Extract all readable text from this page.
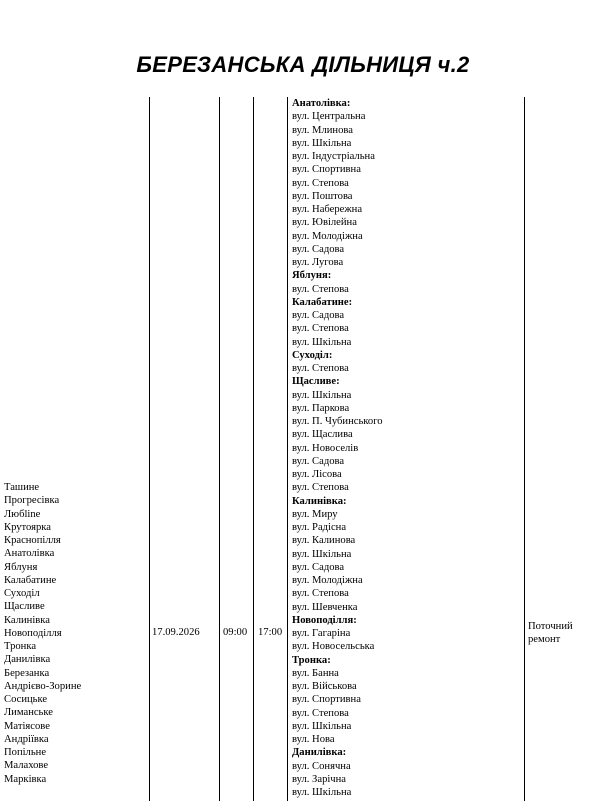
БЕРЕЗАНСЬКА ДІЛЬНИЦЯ ч.2
Ташине
Прогресівка
Любline
Крутоярка
Краснопілля
Анатолівка
Яблуня
Калабатине
Суходіл
Щасливе
Калинівка
Новоподілля
Тронка
Данилівка
Березанка
Андрієво-Зорине
Сосицьке
Лиманське
Матіясове
Андріївка
Попільне
Малахове
Марківка
17.09.2026 09:00 17:00
Анатолівка:
вул. Центральна
вул. Млинова
вул. Шкільна
вул. Індустріальна
вул. Спортивна
вул. Степова
вул. Поштова
вул. Набережна
вул. Ювілейна
вул. Молодіжна
вул. Садова
вул. Лугова
Яблуня:
вул. Степова
Калабатине:
вул. Садова
вул. Степова
вул. Шкільна
Суходіл:
вул. Степова
Щасливе:
вул. Шкільна
вул. Паркова
вул. П. Чубинського
вул. Щаслива
вул. Новоселів
вул. Садова
вул. Лісова
вул. Степова
Калинівка:
вул. Миру
вул. Радісна
вул. Калинова
вул. Шкільна
вул. Садова
вул. Молодіжна
вул. Степова
вул. Шевченка
Новоподілля:
вул. Гагаріна
вул. Новосельська
Тронка:
вул. Банна
вул. Військова
вул. Спортивна
вул. Степова
вул. Шкільна
вул. Нова
Данилівка:
вул. Сонячна
вул. Зарічна
вул. Шкільна
Поточний ремонт
